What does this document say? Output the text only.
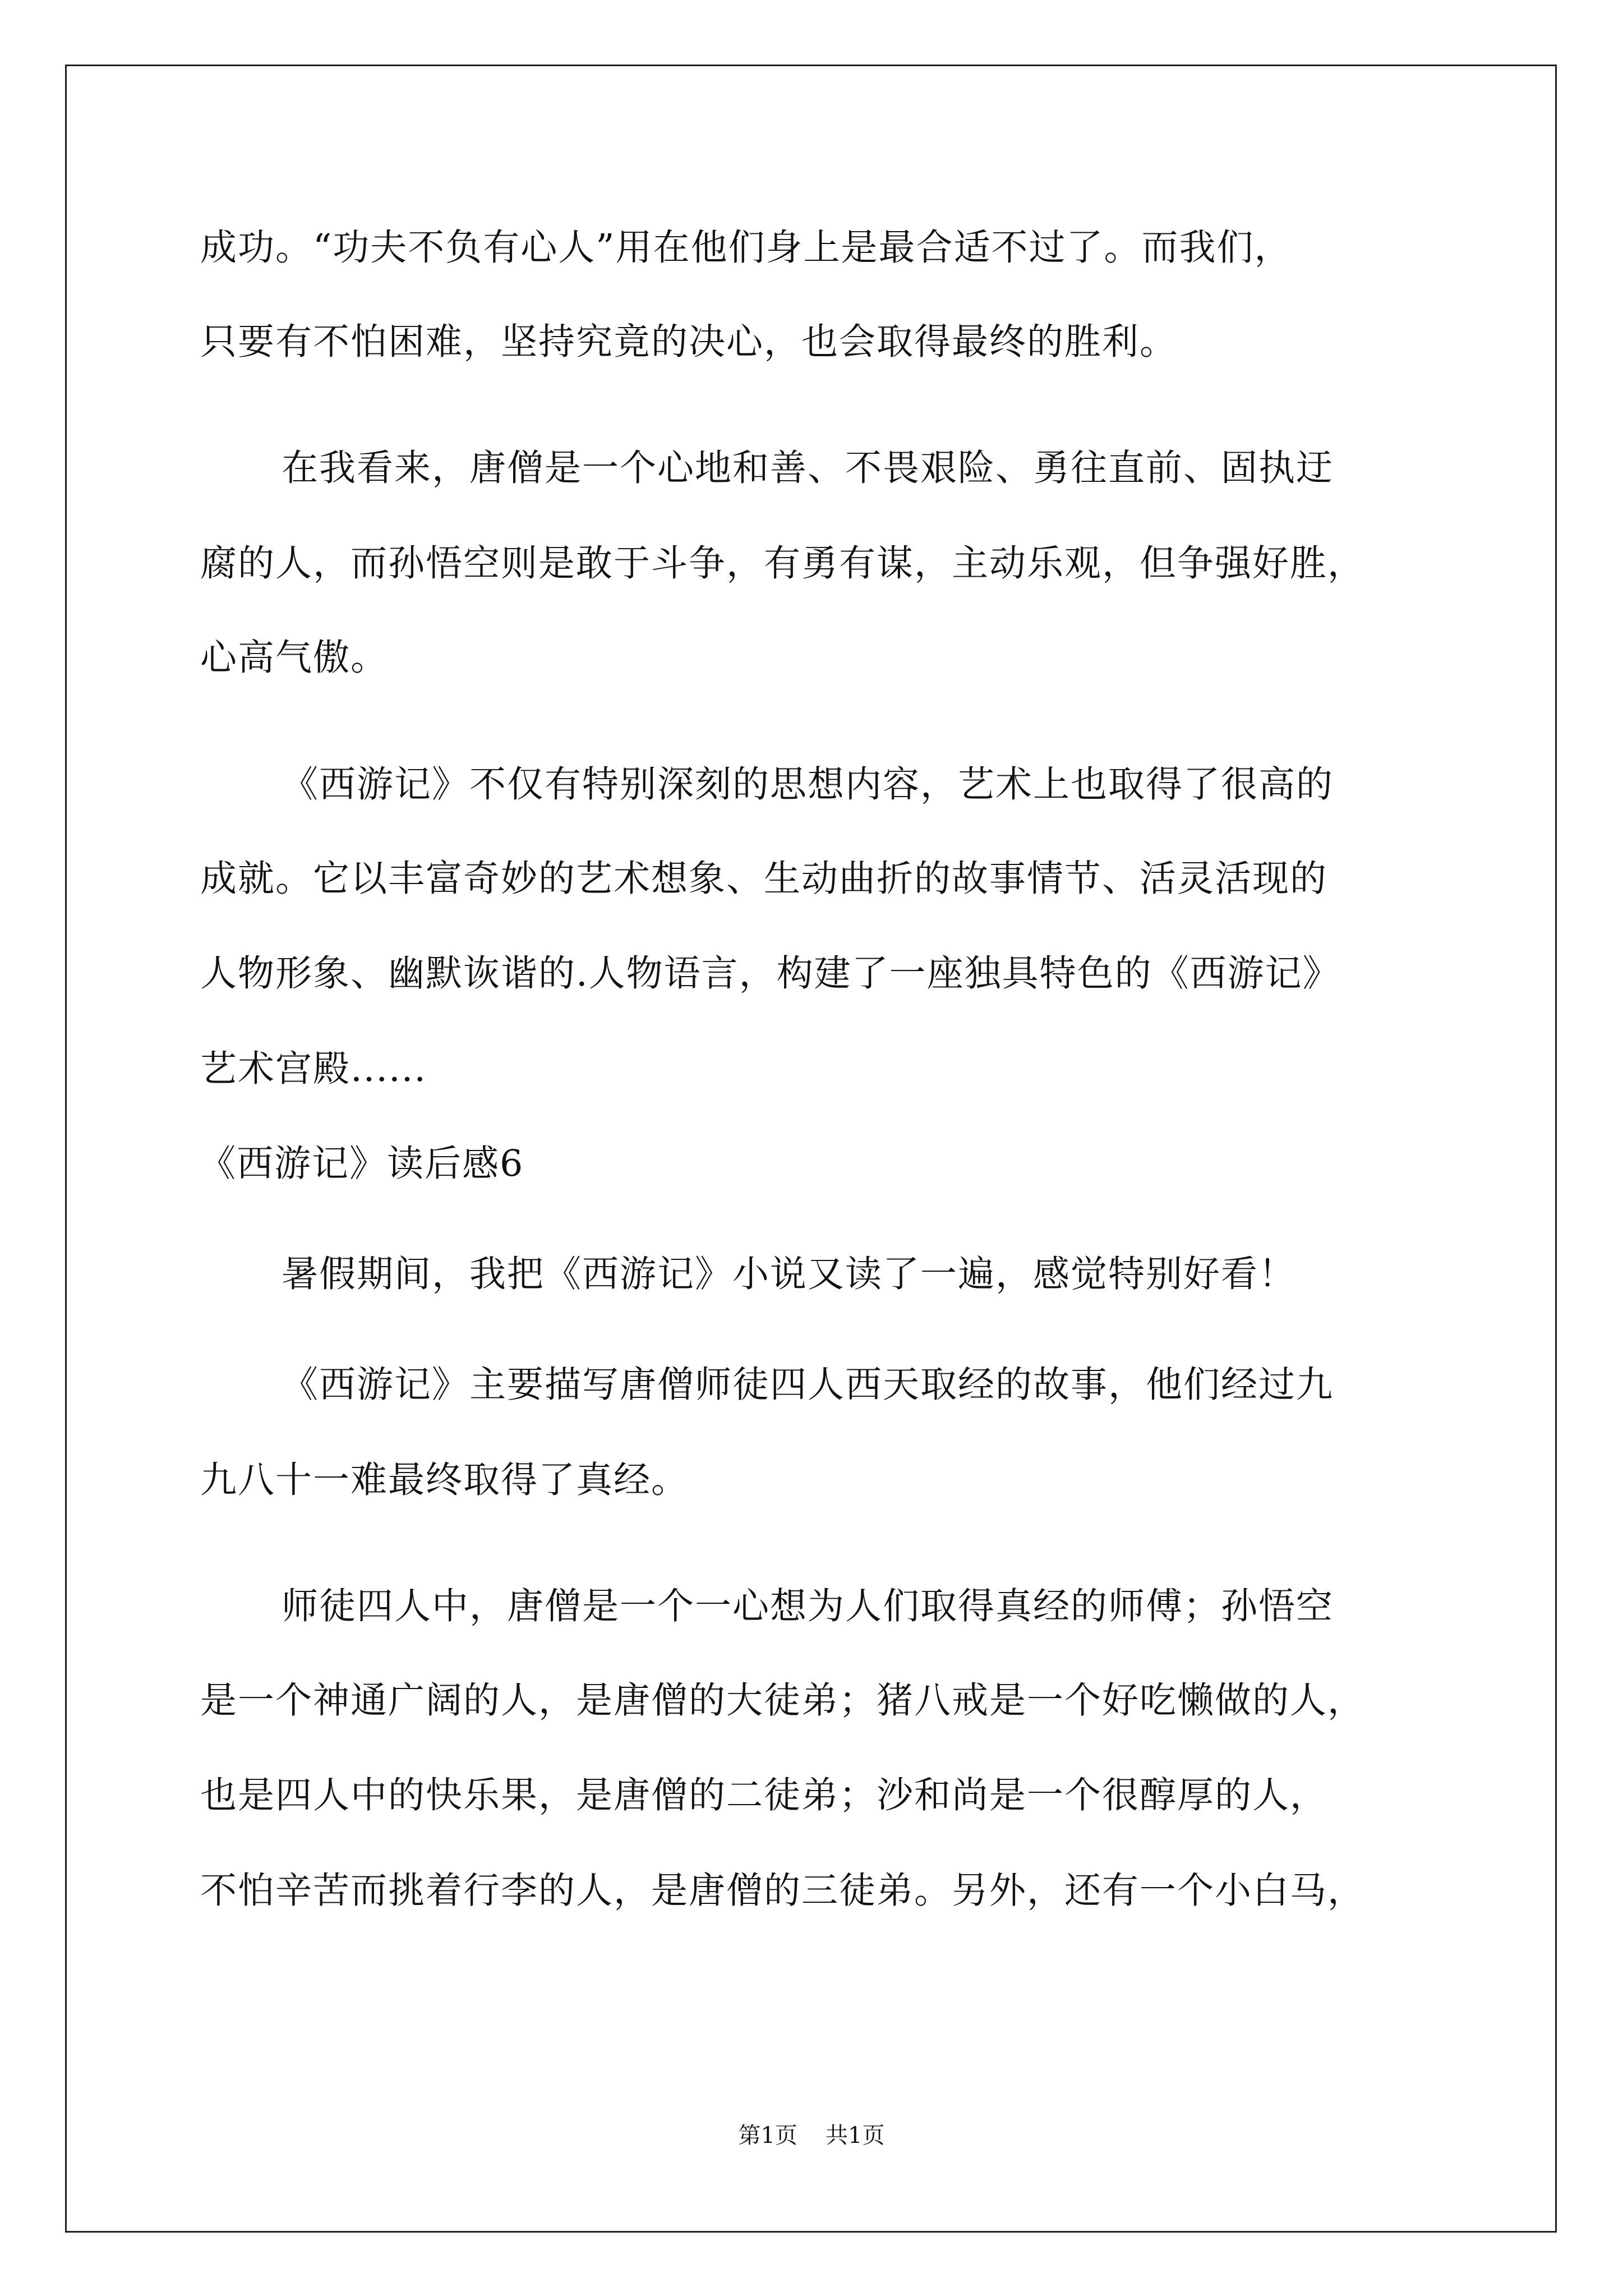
成功。“功夫不负有心人”用在他们身上是最合适不过了。而我们，
只要有不怕困难，坚持究竟的决心，也会取得最终的胜利。
在我看来，唐僧是一个心地和善、不畏艰险、勇往直前、固执迂
腐的人，而孙悟空则是敢于斗争，有勇有谋，主动乐观，但争强好胜，
心高气傲。
《西游记》不仅有特别深刻的思想内容，艺术上也取得了很高的
成就。它以丰富奇妙的艺术想象、生动曲折的故事情节、活灵活现的
人物形象、幽默诙谐的.人物语言，构建了一座独具特色的《西游记》
艺术宫殿......
《西游记》读后感6
暑假期间，我把《西游记》小说又读了一遍，感觉特别好看！
《西游记》主要描写唐僧师徒四人西天取经的故事，他们经过九
九八十一难最终取得了真经。
师徒四人中，唐僧是一个一心想为人们取得真经的师傅；孙悟空
是一个神通广阔的人，是唐僧的大徒弟；猪八戒是一个好吃懒做的人，
也是四人中的快乐果，是唐僧的二徒弟；沙和尚是一个很醇厚的人，
不怕辛苦而挑着行李的人，是唐僧的三徒弟。另外，还有一个小白马，
第1页 共1页
